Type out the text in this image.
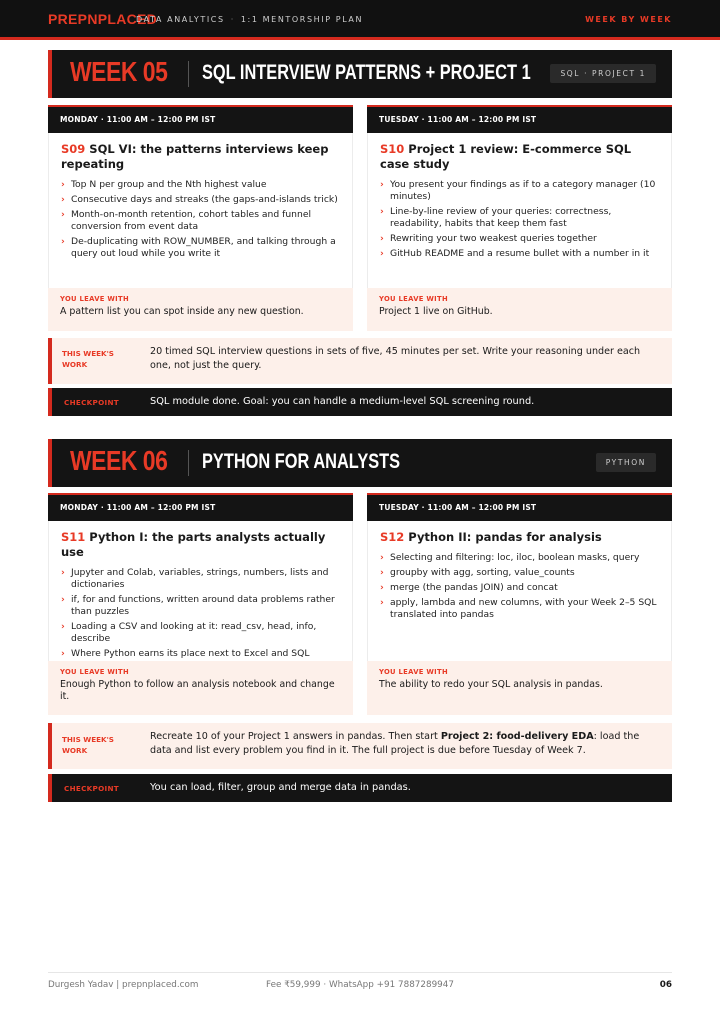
PREPNPLACED
DATA ANALYTICS · 1:1 MENTORSHIP PLAN	WEEK BY WEEK
WEEK 05 SQL INTERVIEW PATTERNS + PROJECT 1	SQL · PROJECT 1
MONDAY · 11:00 AM – 12:00 PM IST
S09 SQL VI: the patterns interviews keep repeating
› Top N per group and the Nth highest value
› Consecutive days and streaks (the gaps-and-islands trick)
› Month-on-month retention, cohort tables and funnel conversion from event data
› De-duplicating with ROW_NUMBER, and talking through a query out loud while you write it
YOU LEAVE WITH
A pattern list you can spot inside any new question.
TUESDAY · 11:00 AM – 12:00 PM IST
S10 Project 1 review: E-commerce SQL case study
› You present your findings as if to a category manager (10 minutes)
› Line-by-line review of your queries: correctness, readability, habits that keep them fast
› Rewriting your two weakest queries together
› GitHub README and a resume bullet with a number in it
YOU LEAVE WITH
Project 1 live on GitHub.
THIS WEEK'S WORK
20 timed SQL interview questions in sets of five, 45 minutes per set. Write your reasoning under each one, not just the query.
CHECKPOINT	SQL module done. Goal: you can handle a medium-level SQL screening round.
WEEK 06 PYTHON FOR ANALYSTS	PYTHON
MONDAY · 11:00 AM – 12:00 PM IST
S11 Python I: the parts analysts actually use
› Jupyter and Colab, variables, strings, numbers, lists and dictionaries
› if, for and functions, written around data problems rather than puzzles
› Loading a CSV and looking at it: read_csv, head, info, describe
› Where Python earns its place next to Excel and SQL
YOU LEAVE WITH
Enough Python to follow an analysis notebook and change it.
TUESDAY · 11:00 AM – 12:00 PM IST
S12 Python II: pandas for analysis
› Selecting and filtering: loc, iloc, boolean masks, query
› groupby with agg, sorting, value_counts
› merge (the pandas JOIN) and concat
› apply, lambda and new columns, with your Week 2–5 SQL translated into pandas
YOU LEAVE WITH
The ability to redo your SQL analysis in pandas.
THIS WEEK'S WORK
Recreate 10 of your Project 1 answers in pandas. Then start Project 2: food-delivery EDA: load the data and list every problem you find in it. The full project is due before Tuesday of Week 7.
CHECKPOINT	You can load, filter, group and merge data in pandas.
Durgesh Yadav | prepnplaced.com	Fee ₹59,999 · WhatsApp +91 7887289947	06
